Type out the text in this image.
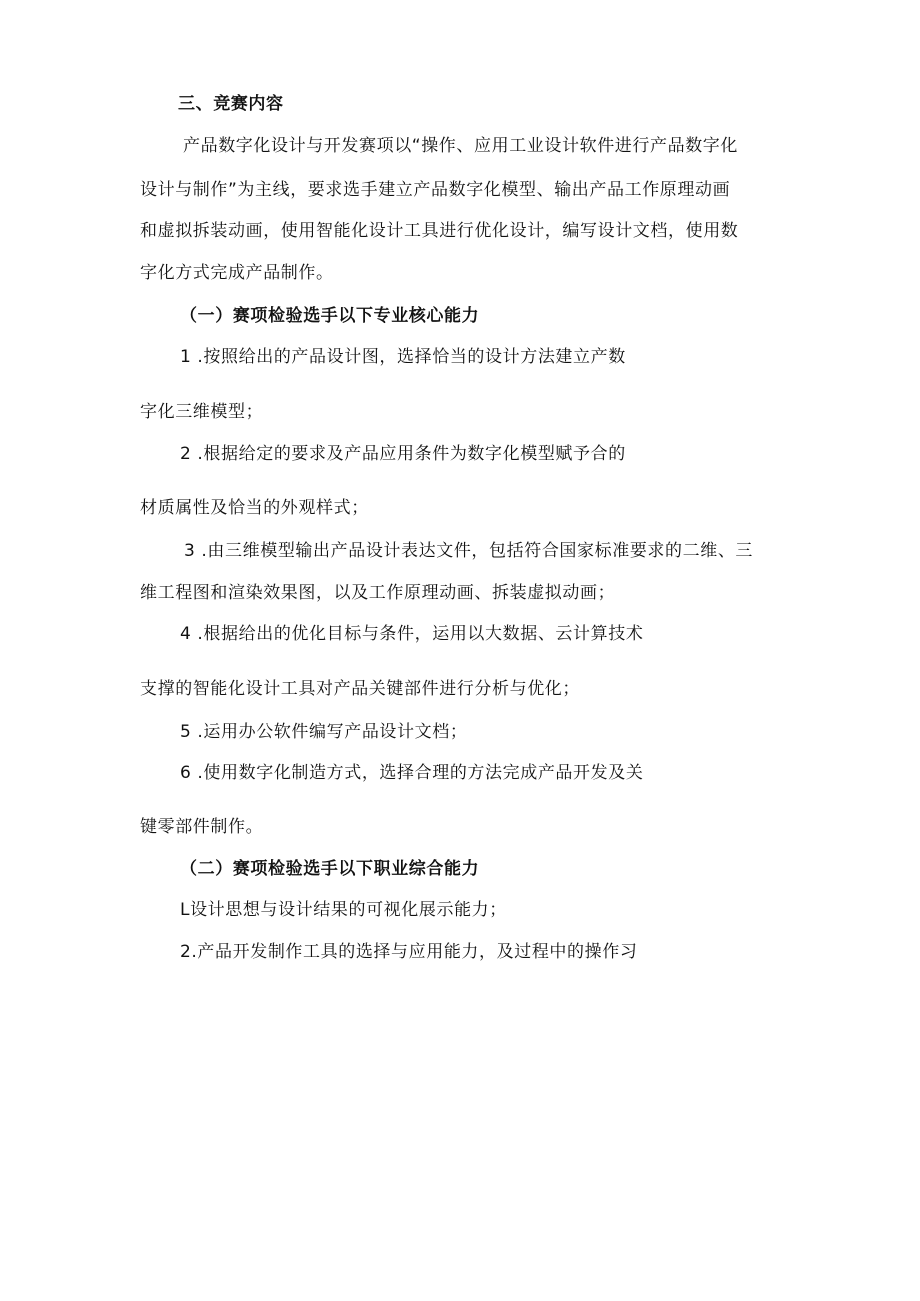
三、竞赛内容
产品数字化设计与开发赛项以“操作、应用工业设计软件进行产品数字化
设计与制作”为主线，要求选手建立产品数字化模型、输出产品工作原理动画
和虚拟拆装动画，使用智能化设计工具进行优化设计，编写设计文档，使用数
字化方式完成产品制作。
（一）赛项检验选手以下专业核心能力
1 .按照给出的产品设计图，选择恰当的设计方法建立产数
字化三维模型；
2 .根据给定的要求及产品应用条件为数字化模型赋予合的
材质属性及恰当的外观样式；
3 .由三维模型输出产品设计表达文件，包括符合国家标准要求的二维、三
维工程图和渲染效果图，以及工作原理动画、拆装虚拟动画；
4 .根据给出的优化目标与条件，运用以大数据、云计算技术
支撑的智能化设计工具对产品关键部件进行分析与优化；
5 .运用办公软件编写产品设计文档；
6 .使用数字化制造方式，选择合理的方法完成产品开发及关
键零部件制作。
（二）赛项检验选手以下职业综合能力
L设计思想与设计结果的可视化展示能力；
2.产品开发制作工具的选择与应用能力，及过程中的操作习
